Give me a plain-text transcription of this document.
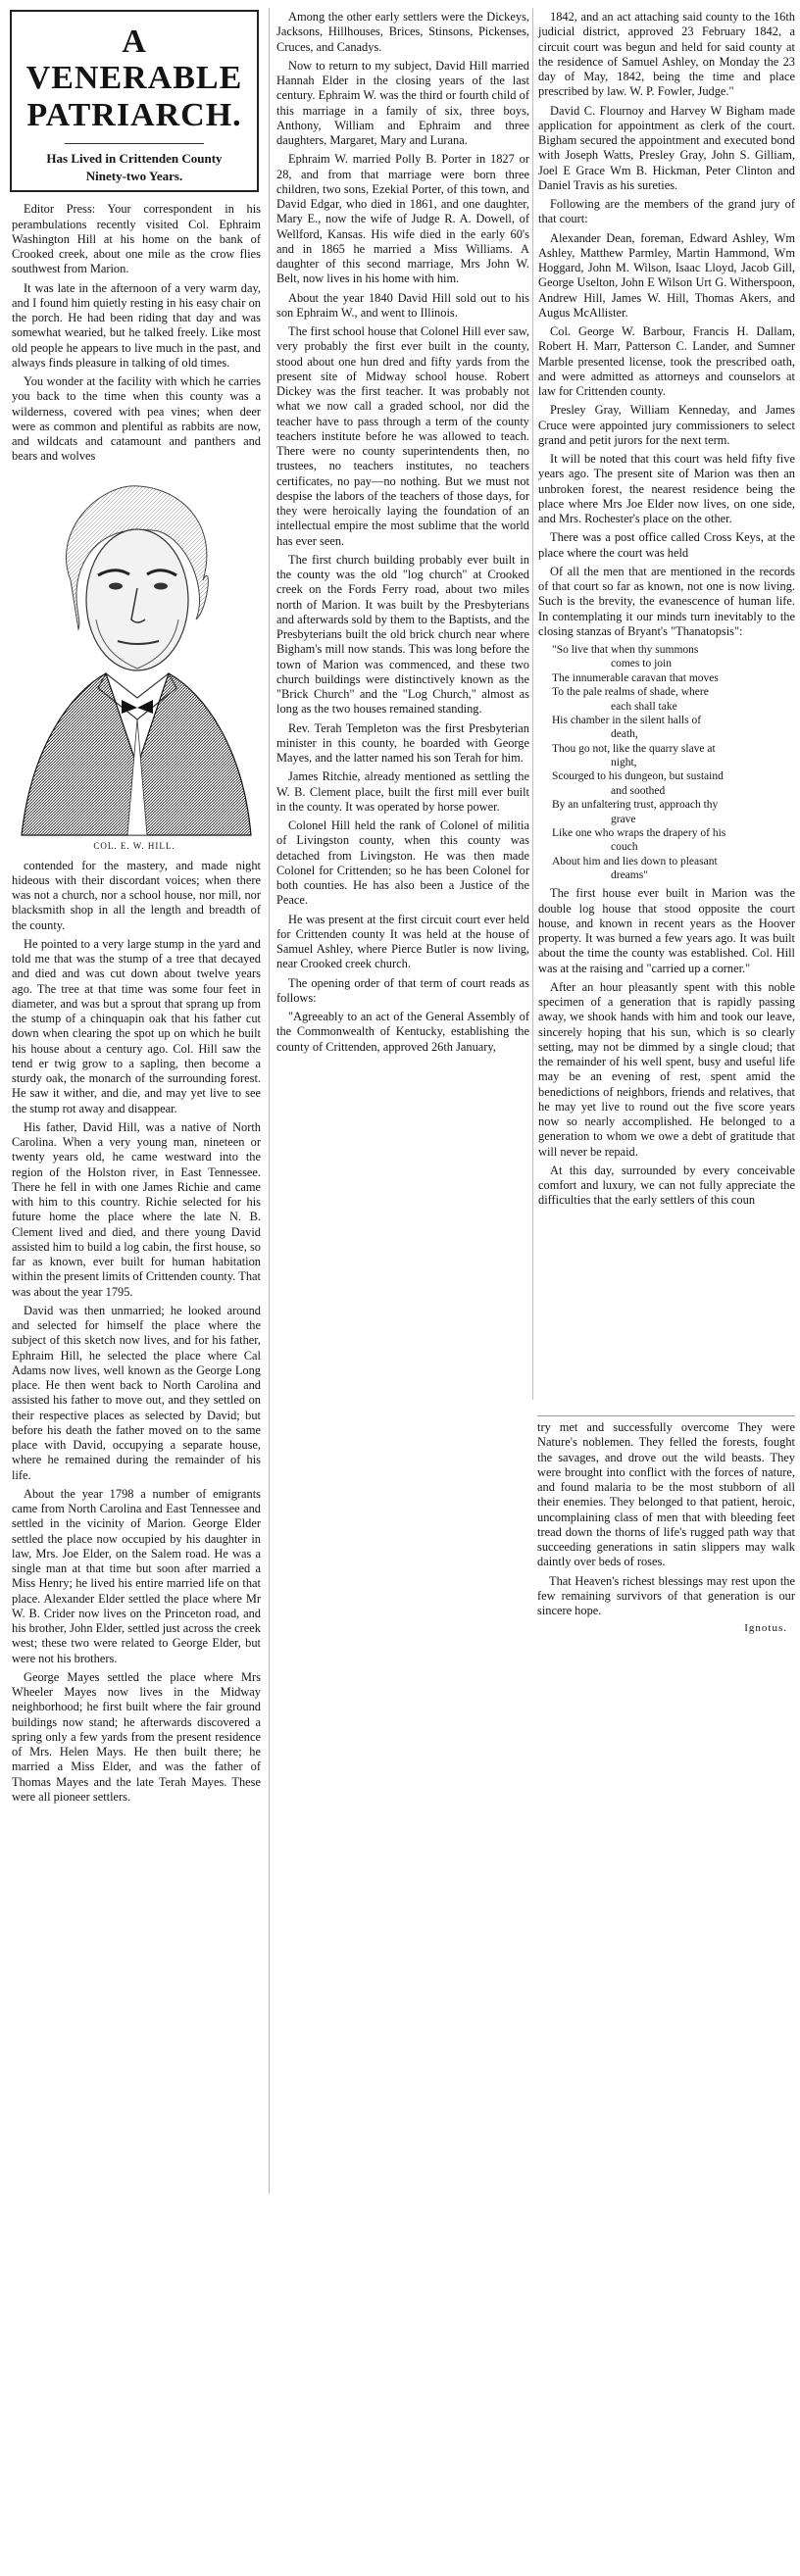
A VENERABLE PATRIARCH.
Has Lived in Crittenden County
Ninety-two Years.

Editor Press: Your correspondent in his perambulations recently visited Col. Ephraim Washington Hill at his home on the bank of Crooked creek, about one mile as the crow flies southwest from Marion.

It was late in the afternoon of a very warm day, and I found him quietly resting in his easy chair on the porch. He had been riding that day and was somewhat wearied, but he talked freely. Like most old people he appears to live much in the past, and always finds pleasure in talking of old times.

You wonder at the facility with which he carries you back to the time when this county was a wilderness, covered with pea vines; when deer were as common and plentiful as rabbits are now, and wildcats and catamount and panthers and bears and wolves

COL. E. W. HILL.

contended for the mastery, and made night hideous with their discordant voices; when there was not a church, nor a school house, nor mill, nor blacksmith shop in all the length and breadth of the county.

He pointed to a very large stump in the yard and told me that was the stump of a tree that decayed and died and was cut down about twelve years ago. The tree at that time was some four feet in diameter, and was but a sprout that sprang up from the stump of a chinquapin oak that his father cut down when clearing the spot up on which he built his house about a century ago. Col. Hill saw the tend er twig grow to a sapling, then become a sturdy oak, the monarch of the surrounding forest. He saw it wither, and die, and may yet live to see the stump rot away and disappear.

His father, David Hill, was a native of North Carolina. When a very young man, nineteen or twenty years old, he came westward into the region of the Holston river, in East Tennessee. There he fell in with one James Richie and came with him to this country. Richie selected for his future home the place where the late N. B. Clement lived and died, and there young David assisted him to build a log cabin, the first house, so far as known, ever built for human habitation within the present limits of Crittenden county. That was about the year 1795.

David was then unmarried; he looked around and selected for himself the place where the subject of this sketch now lives, and for his father, Ephraim Hill, he selected the place where Cal Adams now lives, well known as the George Long place. He then went back to North Carolina and assisted his father to move out, and they settled on their respective places as selected by David; but before his death the father moved on to the same place with David, occupying a separate house, where he remained during the remainder of his life.

About the year 1798 a number of emigrants came from North Carolina and East Tennessee and settled in the vicinity of Marion. George Elder settled the place now occupied by his daughter in law, Mrs. Joe Elder, on the Salem road. He was a single man at that time but soon after married a Miss Henry; he lived his entire married life on that place. Alexander Elder settled the place where Mr W. B. Crider now lives on the Princeton road, and his brother, John Elder, settled just across the creek west; these two were related to George Elder, but were not his brothers.

George Mayes settled the place where Mrs Wheeler Mayes now lives in the Midway neighborhood; he first built where the fair ground buildings now stand; he afterwards discovered a spring only a few yards from the present residence of Mrs. Helen Mays. He then built there; he married a Miss Elder, and was the father of Thomas Mayes and the late Terah Mayes. These were all pioneer settlers.

Among the other early settlers were the Dickeys, Jacksons, Hillhouses, Brices, Stinsons, Pickenses, Cruces, and Canadys.

Now to return to my subject, David Hill married Hannah Elder in the closing years of the last century. Ephraim W. was the third or fourth child of this marriage in a family of six, three boys, Anthony, William and Ephraim and three daughters, Margaret, Mary and Lurana.

Ephraim W. married Polly B. Porter in 1827 or 28, and from that marriage were born three children, two sons, Ezekial Porter, of this town, and David Edgar, who died in 1861, and one daughter, Mary E., now the wife of Judge R. A. Dowell, of Wellford, Kansas. His wife died in the early 60's and in 1865 he married a Miss Williams. A daughter of this second marriage, Mrs John W. Belt, now lives in his home with him.

About the year 1840 David Hill sold out to his son Ephraim W., and went to Illinois.

The first school house that Colonel Hill ever saw, very probably the first ever built in the county, stood about one hun dred and fifty yards from the present site of Midway school house. Robert Dickey was the first teacher. It was probably not what we now call a graded school, nor did the teacher have to pass through a term of the county teachers institute before he was allowed to teach. There were no county superintendents then, no trustees, no teachers institutes, no teachers certificates, no pay—no nothing. But we must not despise the labors of the teachers of those days, for they were heroically laying the foundation of an intellectual empire the most sublime that the world has ever seen.

The first church building probably ever built in the county was the old "log church" at Crooked creek on the Fords Ferry road, about two miles north of Marion. It was built by the Presbyterians and afterwards sold by them to the Baptists, and the Presbyterians built the old brick church near where Bigham's mill now stands. This was long before the town of Marion was commenced, and these two church buildings were distinctively known as the "Brick Church" and the "Log Church," almost as long as the two houses remained standing.

Rev. Terah Templeton was the first Presbyterian minister in this county, he boarded with George Mayes, and the latter named his son Terah for him.

James Ritchie, already mentioned as settling the W. B. Clement place, built the first mill ever built in the county. It was operated by horse power.

Colonel Hill held the rank of Colonel of militia of Livingston county, when this county was detached from Livingston. He was then made Colonel for Crittenden; so he has been Colonel for both counties. He has also been a Justice of the Peace.

He was present at the first circuit court ever held for Crittenden county It was held at the house of Samuel Ashley, where Pierce Butler is now living, near Crooked creek church.

The opening order of that term of court reads as follows:

"Agreeably to an act of the General Assembly of the Commonwealth of Kentucky, establishing the county of Crittenden, approved 26th January,

1842, and an act attaching said county to the 16th judicial district, approved 23 February 1842, a circuit court was begun and held for said county at the residence of Samuel Ashley, on Monday the 23 day of May, 1842, being the time and place prescribed by law. W. P. Fowler, Judge."

David C. Flournoy and Harvey W Bigham made application for appointment as clerk of the court. Bigham secured the appointment and executed bond with Joseph Watts, Presley Gray, John S. Gilliam, Joel E Grace Wm B. Hickman, Peter Clinton and Daniel Travis as his sureties.

Following are the members of the grand jury of that court:

Alexander Dean, foreman, Edward Ashley, Wm Ashley, Matthew Parmley, Martin Hammond, Wm Hoggard, John M. Wilson, Isaac Lloyd, Jacob Gill, George Uselton, John E Wilson Urt G. Witherspoon, Andrew Hill, James W. Hill, Thomas Akers, and Augus McAllister.

Col. George W. Barbour, Francis H. Dallam, Robert H. Marr, Patterson C. Lander, and Sumner Marble presented license, took the prescribed oath, and were admitted as attorneys and counselors at law for Crittenden county.

Presley Gray, William Kenneday, and James Cruce were appointed jury commissioners to select grand and petit jurors for the next term.

It will be noted that this court was held fifty five years ago. The present site of Marion was then an unbroken forest, the nearest residence being the place where Mrs Joe Elder now lives, on one side, and Mrs. Rochester's place on the other.

There was a post office called Cross Keys, at the place where the court was held

Of all the men that are mentioned in the records of that court so far as known, not one is now living. Such is the brevity, the evanescence of human life. In contemplating it our minds turn inevitably to the closing stanzas of Bryant's "Thanatopsis":

"So live that when thy summons
comes to join
The innumerable caravan that moves
To the pale realms of shade, where
each shall take
His chamber in the silent halls of
death,
Thou go not, like the quarry slave at
night,
Scourged to his dungeon, but sustaind
and soothed
By an unfaltering trust, approach thy
grave
Like one who wraps the drapery of his
couch
About him and lies down to pleasant
dreams"

The first house ever built in Marion was the double log house that stood opposite the court house, and known in recent years as the Hoover property. It was burned a few years ago. It was built about the time the county was established. Col. Hill was at the raising and "carried up a corner."

After an hour pleasantly spent with this noble specimen of a generation that is rapidly passing away, we shook hands with him and took our leave, sincerely hoping that his sun, which is so clearly setting, may not be dimmed by a single cloud; that the remainder of his well spent, busy and useful life may be an evening of rest, spent amid the benedictions of neighbors, friends and relatives, that he may yet live to round out the five score years now so nearly accomplished. He belonged to a generation to whom we owe a debt of gratitude that will never be repaid.

At this day, surrounded by every conceivable comfort and luxury, we can not fully appreciate the difficulties that the early settlers of this coun

try met and successfully overcome They were Nature's noblemen. They felled the forests, fought the savages, and drove out the wild beasts. They were brought into conflict with the forces of nature, and found malaria to be the most stubborn of all their enemies. They belonged to that patient, heroic, uncomplaining class of men that with bleeding feet tread down the thorns of life's rugged path way that succeeding generations in satin slippers may walk daintly over beds of roses.

That Heaven's richest blessings may rest upon the few remaining survivors of that generation is our sincere hope.

Ignotus.
